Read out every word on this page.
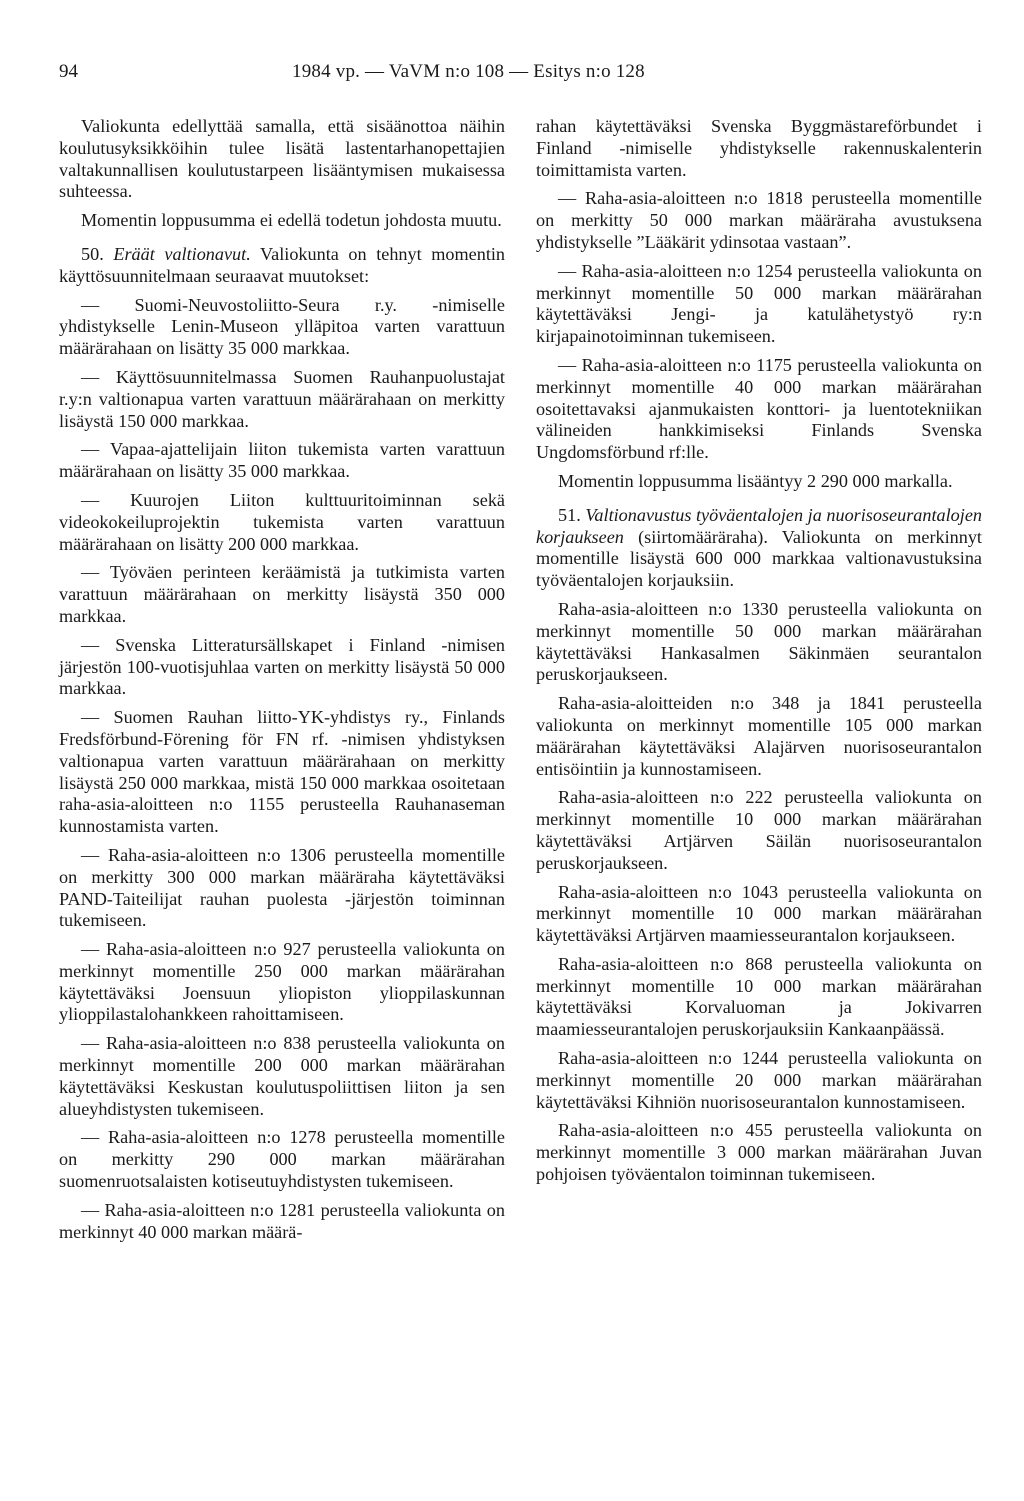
94	1984 vp. — VaVM n:o 108 — Esitys n:o 128

Valiokunta edellyttää samalla, että sisäänottoa näihin koulutusyksikköihin tulee lisätä lastentarhanopettajien valtakunnallisen koulutustarpeen lisääntymisen mukaisessa suhteessa.

Momentin loppusumma ei edellä todetun johdosta muutu.

50. Eräät valtionavut. Valiokunta on tehnyt momentin käyttösuunnitelmaan seuraavat muutokset:

— Suomi-Neuvostoliitto-Seura r.y. -nimiselle yhdistykselle Lenin-Museon ylläpitoa varten varattuun määrärahaan on lisätty 35 000 markkaa.

— Käyttösuunnitelmassa Suomen Rauhanpuolustajat r.y:n valtionapua varten varattuun määrärahaan on merkitty lisäystä 150 000 markkaa.

— Vapaa-ajattelijain liiton tukemista varten varattuun määrärahaan on lisätty 35 000 markkaa.

— Kuurojen Liiton kulttuuritoiminnan sekä videokokeiluprojektin tukemista varten varattuun määrärahaan on lisätty 200 000 markkaa.

— Työväen perinteen keräämistä ja tutkimista varten varattuun määrärahaan on merkitty lisäystä 350 000 markkaa.

— Svenska Litteratursällskapet i Finland -nimisen järjestön 100-vuotisjuhlaa varten on merkitty lisäystä 50 000 markkaa.

— Suomen Rauhan liitto-YK-yhdistys ry., Finlands Fredsförbund-Förening för FN rf. -nimisen yhdistyksen valtionapua varten varattuun määrärahaan on merkitty lisäystä 250 000 markkaa, mistä 150 000 markkaa osoitetaan raha-asia-aloitteen n:o 1155 perusteella Rauhanaseman kunnostamista varten.

— Raha-asia-aloitteen n:o 1306 perusteella momentille on merkitty 300 000 markan määräraha käytettäväksi PAND-Taiteilijat rauhan puolesta -järjestön toiminnan tukemiseen.

— Raha-asia-aloitteen n:o 927 perusteella valiokunta on merkinnyt momentille 250 000 markan määrärahan käytettäväksi Joensuun yliopiston ylioppilaskunnan ylioppilastalohankkeen rahoittamiseen.

— Raha-asia-aloitteen n:o 838 perusteella valiokunta on merkinnyt momentille 200 000 markan määrärahan käytettäväksi Keskustan koulutuspoliittisen liiton ja sen alueyhdistysten tukemiseen.

— Raha-asia-aloitteen n:o 1278 perusteella momentille on merkitty 290 000 markan määrärahan suomenruotsalaisten kotiseutuyhdistysten tukemiseen.

— Raha-asia-aloitteen n:o 1281 perusteella valiokunta on merkinnyt 40 000 markan määrä-

rahan käytettäväksi Svenska Byggmästareförbundet i Finland -nimiselle yhdistykselle rakennuskalenterin toimittamista varten.

— Raha-asia-aloitteen n:o 1818 perusteella momentille on merkitty 50 000 markan määräraha avustuksena yhdistykselle ”Lääkärit ydinsotaa vastaan”.

— Raha-asia-aloitteen n:o 1254 perusteella valiokunta on merkinnyt momentille 50 000 markan määrärahan käytettäväksi Jengi- ja katulähetystyö ry:n kirjapainotoiminnan tukemiseen.

— Raha-asia-aloitteen n:o 1175 perusteella valiokunta on merkinnyt momentille 40 000 markan määrärahan osoitettavaksi ajanmukaisten konttori- ja luentotekniikan välineiden hankkimiseksi Finlands Svenska Ungdomsförbund rf:lle.

Momentin loppusumma lisääntyy 2 290 000 markalla.

51. Valtionavustus työväentalojen ja nuorisoseurantalojen korjaukseen (siirtomääräraha). Valiokunta on merkinnyt momentille lisäystä 600 000 markkaa valtionavustuksina työväentalojen korjauksiin.

Raha-asia-aloitteen n:o 1330 perusteella valiokunta on merkinnyt momentille 50 000 markan määrärahan käytettäväksi Hankasalmen Säkinmäen seurantalon peruskorjaukseen.

Raha-asia-aloitteiden n:o 348 ja 1841 perusteella valiokunta on merkinnyt momentille 105 000 markan määrärahan käytettäväksi Alajärven nuorisoseurantalon entisöintiin ja kunnostamiseen.

Raha-asia-aloitteen n:o 222 perusteella valiokunta on merkinnyt momentille 10 000 markan määrärahan käytettäväksi Artjärven Säilän nuorisoseurantalon peruskorjaukseen.

Raha-asia-aloitteen n:o 1043 perusteella valiokunta on merkinnyt momentille 10 000 markan määrärahan käytettäväksi Artjärven maamiesseurantalon korjaukseen.

Raha-asia-aloitteen n:o 868 perusteella valiokunta on merkinnyt momentille 10 000 markan määrärahan käytettäväksi Korvaluoman ja Jokivarren maamiesseurantalojen peruskorjauksiin Kankaanpäässä.

Raha-asia-aloitteen n:o 1244 perusteella valiokunta on merkinnyt momentille 20 000 markan määrärahan käytettäväksi Kihniön nuorisoseurantalon kunnostamiseen.

Raha-asia-aloitteen n:o 455 perusteella valiokunta on merkinnyt momentille 3 000 markan määrärahan Juvan pohjoisen työväentalon toiminnan tukemiseen.
